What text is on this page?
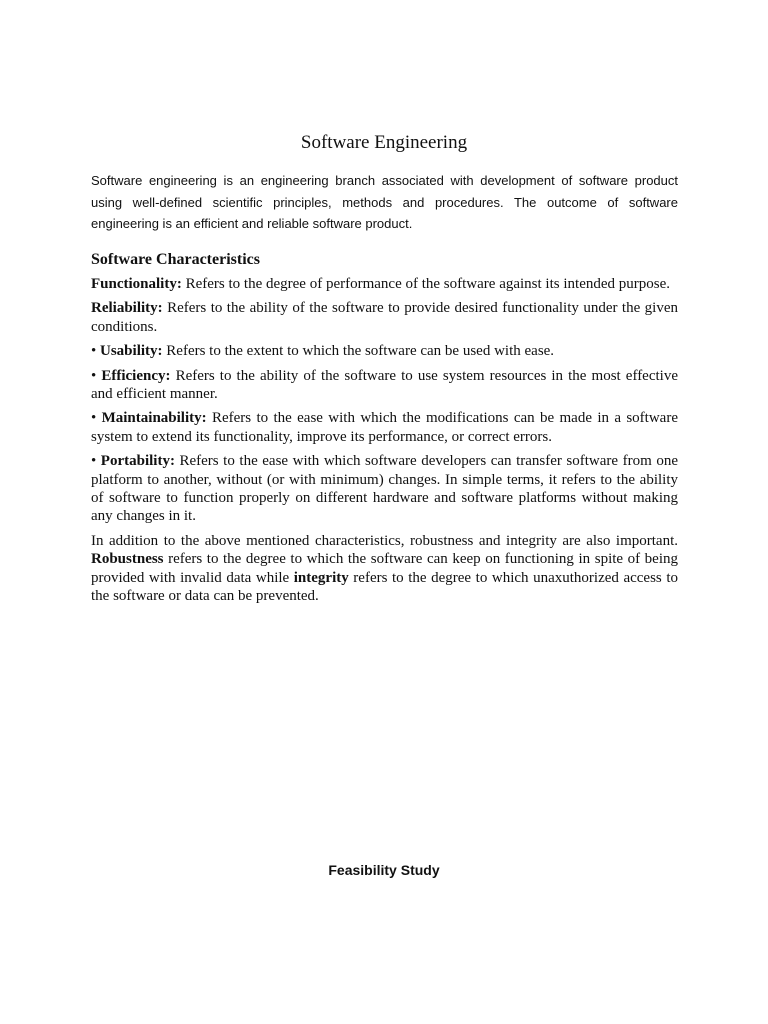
Software Engineering

Software engineering is an engineering branch associated with development of software product using well-defined scientific principles, methods and procedures. The outcome of software engineering is an efficient and reliable software product.

Software Characteristics

Functionality: Refers to the degree of performance of the software against its intended purpose.

Reliability: Refers to the ability of the software to provide desired functionality under the given conditions.

• Usability: Refers to the extent to which the software can be used with ease.

• Efficiency: Refers to the ability of the software to use system resources in the most effective and efficient manner.

• Maintainability: Refers to the ease with which the modifications can be made in a software system to extend its functionality, improve its performance, or correct errors.

• Portability: Refers to the ease with which software developers can transfer software from one platform to another, without (or with minimum) changes. In simple terms, it refers to the ability of software to function properly on different hardware and software platforms without making any changes in it.

In addition to the above mentioned characteristics, robustness and integrity are also important. Robustness refers to the degree to which the software can keep on functioning in spite of being provided with invalid data while integrity refers to the degree to which unaxuthorized access to the software or data can be prevented.

Feasibility Study
